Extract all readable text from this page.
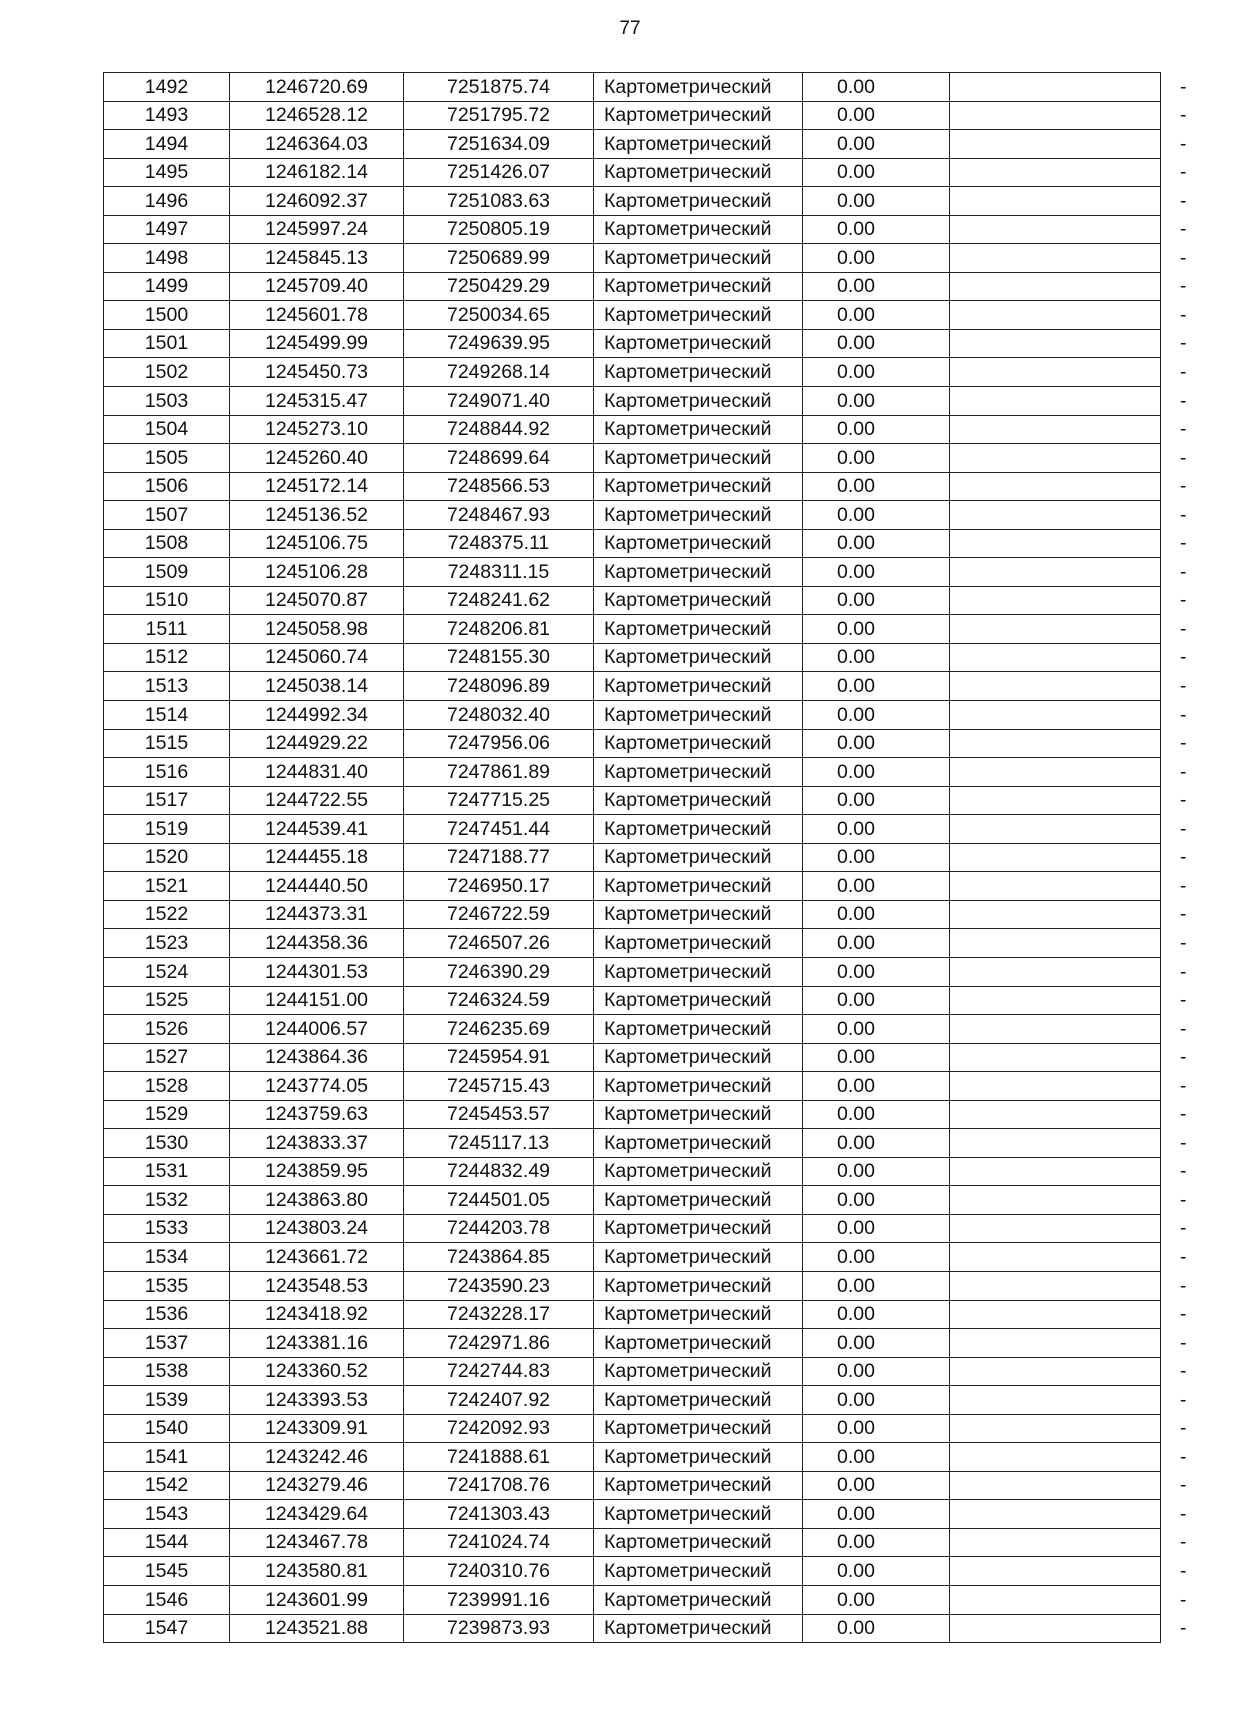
77
1492	1246720.69	7251875.74	Картометрический	0.00	-
1493	1246528.12	7251795.72	Картометрический	0.00	-
1494	1246364.03	7251634.09	Картометрический	0.00	-
1495	1246182.14	7251426.07	Картометрический	0.00	-
1496	1246092.37	7251083.63	Картометрический	0.00	-
1497	1245997.24	7250805.19	Картометрический	0.00	-
1498	1245845.13	7250689.99	Картометрический	0.00	-
1499	1245709.40	7250429.29	Картометрический	0.00	-
1500	1245601.78	7250034.65	Картометрический	0.00	-
1501	1245499.99	7249639.95	Картометрический	0.00	-
1502	1245450.73	7249268.14	Картометрический	0.00	-
1503	1245315.47	7249071.40	Картометрический	0.00	-
1504	1245273.10	7248844.92	Картометрический	0.00	-
1505	1245260.40	7248699.64	Картометрический	0.00	-
1506	1245172.14	7248566.53	Картометрический	0.00	-
1507	1245136.52	7248467.93	Картометрический	0.00	-
1508	1245106.75	7248375.11	Картометрический	0.00	-
1509	1245106.28	7248311.15	Картометрический	0.00	-
1510	1245070.87	7248241.62	Картометрический	0.00	-
1511	1245058.98	7248206.81	Картометрический	0.00	-
1512	1245060.74	7248155.30	Картометрический	0.00	-
1513	1245038.14	7248096.89	Картометрический	0.00	-
1514	1244992.34	7248032.40	Картометрический	0.00	-
1515	1244929.22	7247956.06	Картометрический	0.00	-
1516	1244831.40	7247861.89	Картометрический	0.00	-
1517	1244722.55	7247715.25	Картометрический	0.00	-
1519	1244539.41	7247451.44	Картометрический	0.00	-
1520	1244455.18	7247188.77	Картометрический	0.00	-
1521	1244440.50	7246950.17	Картометрический	0.00	-
1522	1244373.31	7246722.59	Картометрический	0.00	-
1523	1244358.36	7246507.26	Картометрический	0.00	-
1524	1244301.53	7246390.29	Картометрический	0.00	-
1525	1244151.00	7246324.59	Картометрический	0.00	-
1526	1244006.57	7246235.69	Картометрический	0.00	-
1527	1243864.36	7245954.91	Картометрический	0.00	-
1528	1243774.05	7245715.43	Картометрический	0.00	-
1529	1243759.63	7245453.57	Картометрический	0.00	-
1530	1243833.37	7245117.13	Картометрический	0.00	-
1531	1243859.95	7244832.49	Картометрический	0.00	-
1532	1243863.80	7244501.05	Картометрический	0.00	-
1533	1243803.24	7244203.78	Картометрический	0.00	-
1534	1243661.72	7243864.85	Картометрический	0.00	-
1535	1243548.53	7243590.23	Картометрический	0.00	-
1536	1243418.92	7243228.17	Картометрический	0.00	-
1537	1243381.16	7242971.86	Картометрический	0.00	-
1538	1243360.52	7242744.83	Картометрический	0.00	-
1539	1243393.53	7242407.92	Картометрический	0.00	-
1540	1243309.91	7242092.93	Картометрический	0.00	-
1541	1243242.46	7241888.61	Картометрический	0.00	-
1542	1243279.46	7241708.76	Картометрический	0.00	-
1543	1243429.64	7241303.43	Картометрический	0.00	-
1544	1243467.78	7241024.74	Картометрический	0.00	-
1545	1243580.81	7240310.76	Картометрический	0.00	-
1546	1243601.99	7239991.16	Картометрический	0.00	-
1547	1243521.88	7239873.93	Картометрический	0.00	-
